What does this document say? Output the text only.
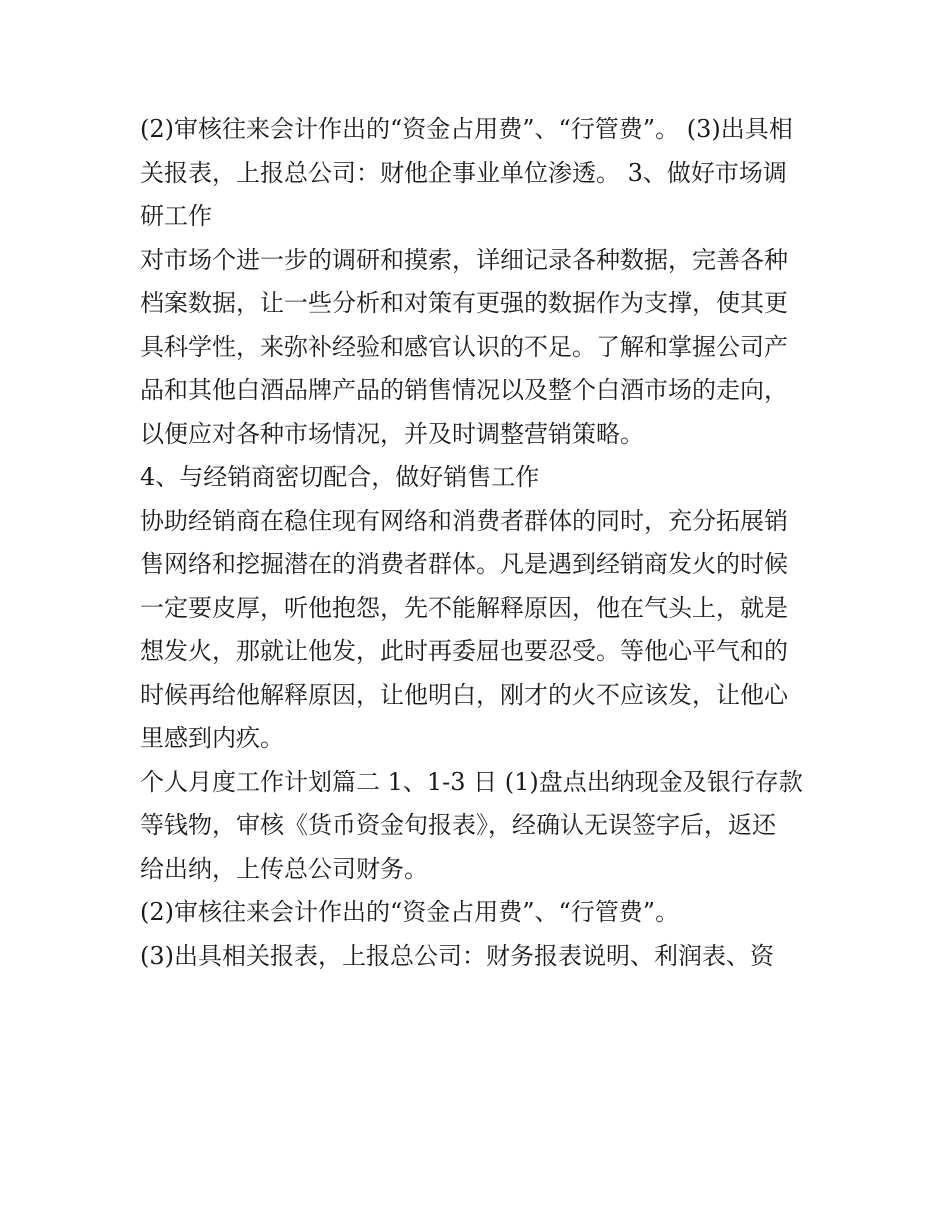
(2)审核往来会计作出的“资金占用费”、“行管费”。 (3)出具相
关报表，上报总公司：财他企事业单位渗透。 3、做好市场调
研工作
对市场个进一步的调研和摸索，详细记录各种数据，完善各种
档案数据，让一些分析和对策有更强的数据作为支撑，使其更
具科学性，来弥补经验和感官认识的不足。了解和掌握公司产
品和其他白酒品牌产品的销售情况以及整个白酒市场的走向，
以便应对各种市场情况，并及时调整营销策略。
4、与经销商密切配合，做好销售工作
协助经销商在稳住现有网络和消费者群体的同时，充分拓展销
售网络和挖掘潜在的消费者群体。凡是遇到经销商发火的时候
一定要皮厚，听他抱怨，先不能解释原因，他在气头上，就是
想发火，那就让他发，此时再委屈也要忍受。等他心平气和的
时候再给他解释原因，让他明白，刚才的火不应该发，让他心
里感到内疚。
个人月度工作计划篇二 1、1-3 日 (1)盘点出纳现金及银行存款
等钱物，审核《货币资金旬报表》，经确认无误签字后，返还
给出纳，上传总公司财务。
(2)审核往来会计作出的“资金占用费”、“行管费”。
(3)出具相关报表，上报总公司：财务报表说明、利润表、资
